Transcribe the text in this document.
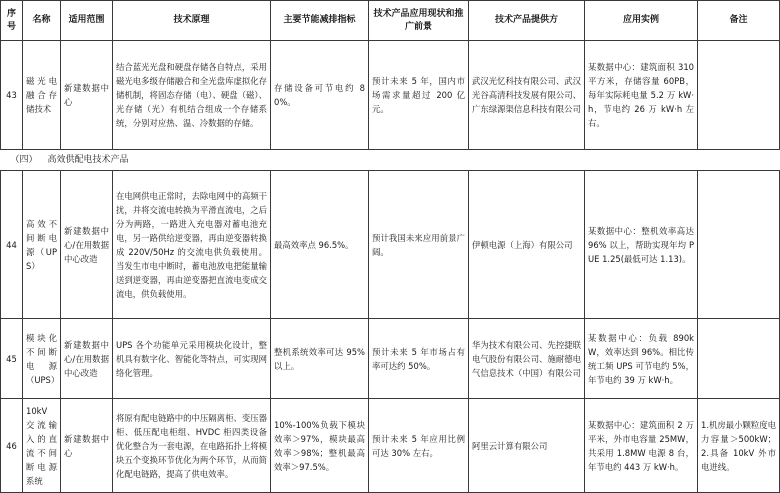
序号	名称	适用范围	技术原理	主要节能减排指标	技术产品应用现状和推广前景	技术产品提供方	应用实例	备注
43	磁光电融合存储技术	新建数据中心	结合蓝光光盘和硬盘存储各自特点，采用磁光电多级存储融合和全光盘库虚拟化存储机制，将固态存储（电）、硬盘（磁）、光存储（光）有机结合组成一个存储系统，分别对应热、温、冷数据的存储。	存储设备可节电约 80%。	预计未来 5 年，国内市场需求量超过 200 亿元。	武汉光忆科技有限公司、武汉光谷高清科技发展有限公司、广东绿源渠信息科技有限公司	某数据中心：建筑面积 310 平方米，存储容量 60PB，每年实际耗电量 5.2 万 kW·h，节电约 26 万 kW·h 左右。	
（四） 高效供配电技术产品								
44	高效不间断电源（UPS）	新建数据中心/在用数据中心改造	在电网供电正常时，去除电网中的高频干扰，并将交流电转换为平滑直流电，之后分为两路，一路进入充电器对蓄电池充电，另一路供给逆变器，再由逆变器转换成 220V/50Hz 的交流电供负载使用。当发生市电中断时，蓄电池放电把能量输送到逆变器，再由逆变器把直流电变成交流电，供负载使用。	最高效率点 96.5%。	预计我国未来应用前景广阔。	伊顿电源（上海）有限公司	某数据中心：整机效率高达 96% 以上，帮助实现年均 PUE 1.25(最低可达 1.13)。	
45	模块化不间断电源（UPS）	新建数据中心/在用数据中心改造	UPS 各个功能单元采用模块化设计，整机具有数字化、智能化等特点，可实现网络化管理。	整机系统效率可达 95% 以上。	预计未来 5 年市场占有率可达约 50%。	华为技术有限公司、先控捷联电气股份有限公司、施耐德电气信息技术（中国）有限公司	某数据中心：负载 890kW，效率达到 96%。相比传统工频 UPS 可节电约 5%，年节电约 39 万 kW·h。	
46	10kV 交流输入的直流不间断电源系统	新建数据中心	将原有配电链路中的中压隔离柜、变压器柜、低压配电柜组、HVDC 柜四类设备优化整合为一套电源，在电路拓扑上将模块五个变换环节优化为两个环节，从而简化配电链路，提高了供电效率。	10%-100%负载下模块效率＞97%，模块最高效率＞98%；整机最高效率＞97.5%。	预计未来 5 年应用比例可达 30% 左右。	阿里云计算有限公司	某数据中心：建筑面积 2 万平米，外市电容量 25MW，共采用 1.8MW 电源 8 台，年节电约 443 万 kW·h。	1.机房最小颗粒度电力容量＞500kW；2.具备 10kV 外市电进线。
